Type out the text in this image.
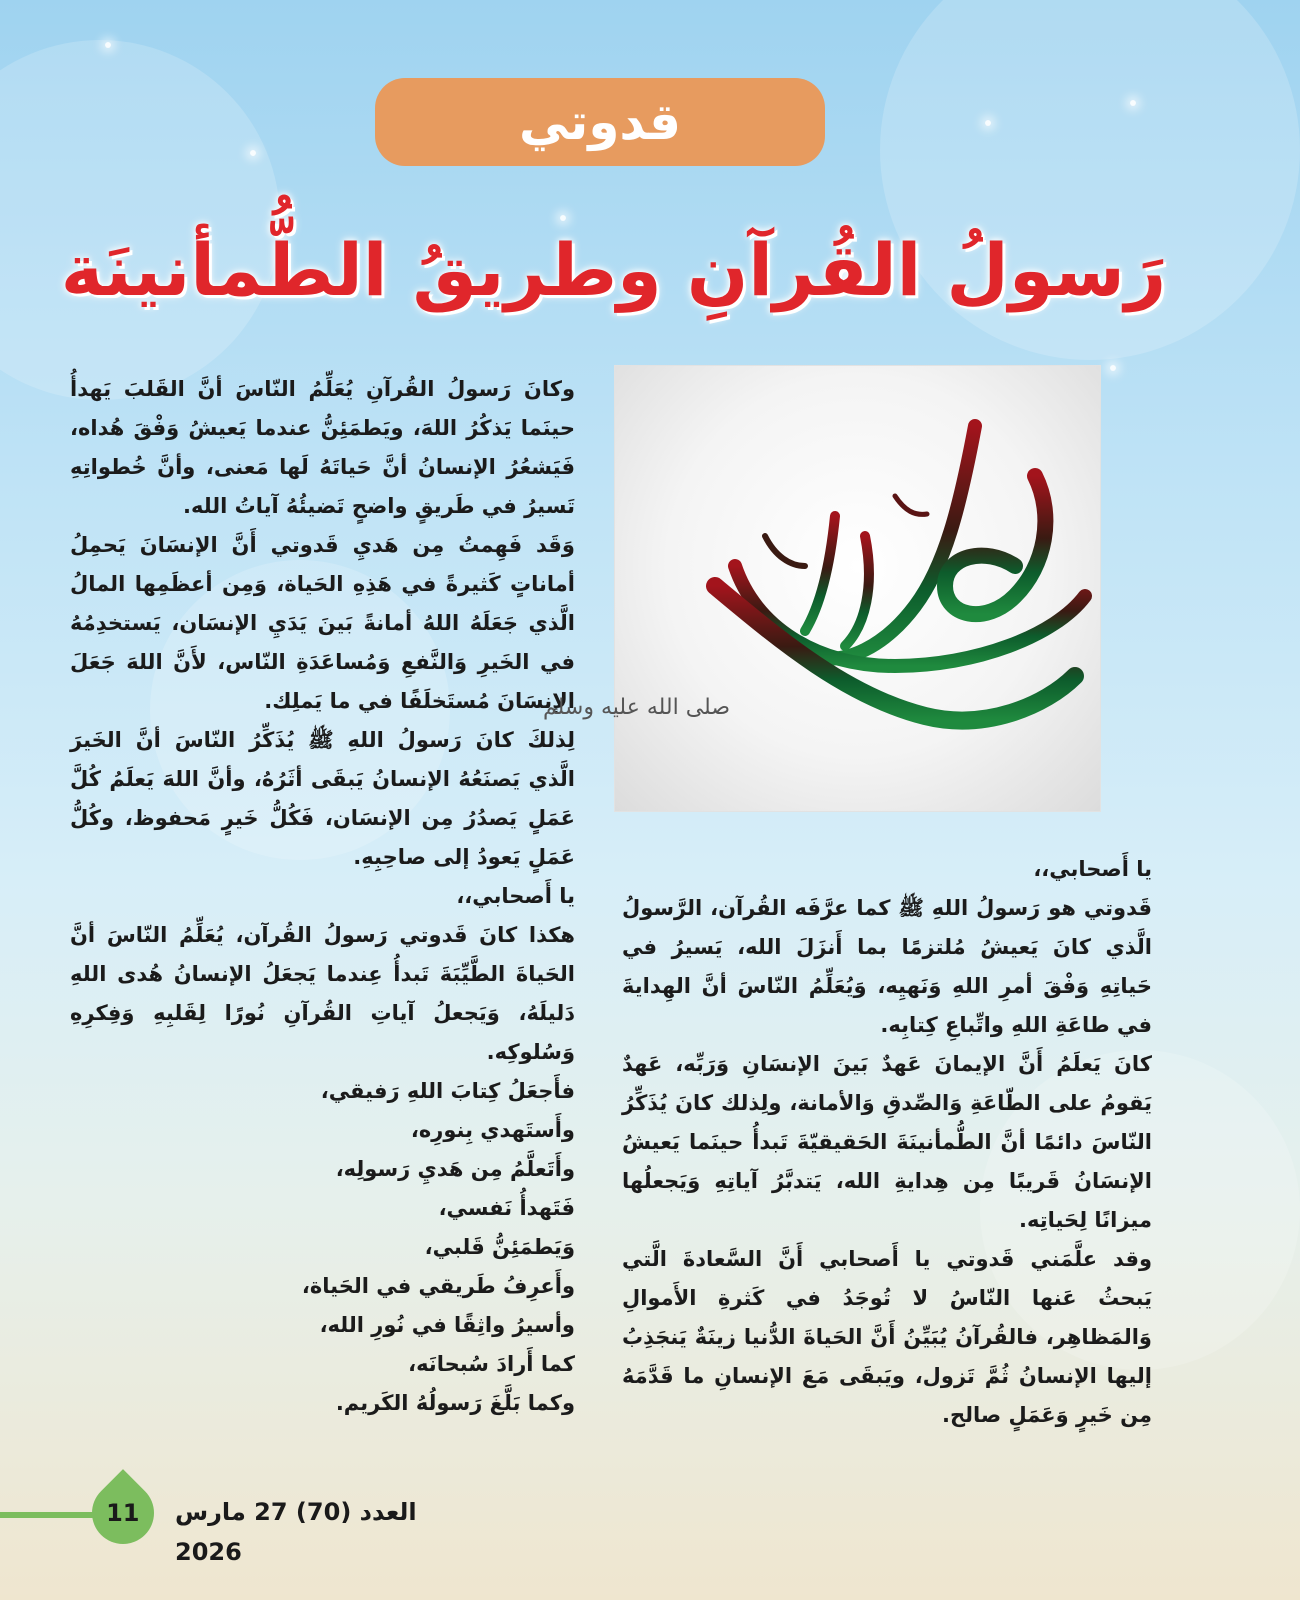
قدوتي
رَسولُ القُرآنِ وطريقُ الطُّمأنينَة

وكانَ رَسولُ القُرآنِ يُعَلِّمُ النّاسَ أنَّ القَلبَ يَهدأُ حينَما يَذكُرُ اللهَ، ويَطمَئِنُّ عندما يَعيشُ وَفْقَ هُداه، فَيَشعُرُ الإنسانُ أنَّ حَياتَهُ لَها مَعنى، وأنَّ خُطواتِهِ تَسيرُ في طَريقٍ واضحٍ تَضيئُهُ آياتُ الله.

وَقَد فَهِمتُ مِن هَديِ قَدوتي أَنَّ الإنسَانَ يَحمِلُ أماناتٍ كَثيرةً في هَذِهِ الحَياة، وَمِن أعظَمِها المالُ الَّذي جَعَلَهُ اللهُ أمانةً بَينَ يَدَيِ الإنسَان، يَستخدِمُهُ في الخَيرِ وَالنَّفعِ وَمُساعَدَةِ النّاس، لأَنَّ اللهَ جَعَلَ الإنسَانَ مُستَخلَفًا في ما يَملِك.

لِذلكَ كانَ رَسولُ اللهِ ﷺ يُذَكِّرُ النّاسَ أنَّ الخَيرَ الَّذي يَصنَعُهُ الإنسانُ يَبقَى أثَرُهُ، وأنَّ اللهَ يَعلَمُ كُلَّ عَمَلٍ يَصدُرُ مِن الإنسَان، فَكُلُّ خَيرٍ مَحفوظ، وكُلُّ عَمَلٍ يَعودُ إلى صاحِبِهِ.

يا أَصحابي،،

هكذا كانَ قَدوتي رَسولُ القُرآن، يُعَلِّمُ النّاسَ أنَّ الحَياةَ الطَّيِّبَةَ تَبدأُ عِندما يَجعَلُ الإنسانُ هُدى اللهِ دَليلَهُ، وَيَجعلُ آياتِ القُرآنِ نُورًا لِقَلبِهِ وَفِكرِهِ وَسُلوكِه.

فأَجعَلُ كِتابَ اللهِ رَفيقي،
وأَستَهدي بِنورِه،
وأَتَعلَّمُ مِن هَديِ رَسولِه،
فَتَهدأُ نَفسي،
وَيَطمَئِنُّ قَلبي،
وأَعرِفُ طَريقي في الحَياة،
وأسيرُ واثِقًا في نُورِ الله،
كما أَرادَ سُبحانَه،
وكما بَلَّغَ رَسولُهُ الكَريم.
صلى الله عليه وسلم

يا أَصحابي،،

قَدوتي هو رَسولُ اللهِ ﷺ كما عرَّفَه القُرآن، الرَّسولُ الَّذي كانَ يَعيشُ مُلتزمًا بما أَنزَلَ الله، يَسيرُ في حَياتِهِ وَفْقَ أمرِ اللهِ وَنَهيِه، وَيُعَلِّمُ النّاسَ أنَّ الهِدايةَ في طاعَةِ اللهِ واتِّباعِ كِتابِه.

كانَ يَعلَمُ أَنَّ الإيمانَ عَهدٌ بَينَ الإنسَانِ وَرَبِّه، عَهدٌ يَقومُ على الطّاعَةِ وَالصِّدقِ وَالأمانة، ولِذلك كانَ يُذَكِّرُ النّاسَ دائمًا أنَّ الطُّمأنينَةَ الحَقيقيّةَ تَبدأُ حينَما يَعيشُ الإنسَانُ قَريبًا مِن هِدايةِ الله، يَتدبَّرُ آياتِهِ وَيَجعلُها ميزانًا لِحَياتِه.

وقد علَّمَني قَدوتي يا أَصحابي أَنَّ السَّعادةَ الَّتي يَبحثُ عَنها النّاسُ لا تُوجَدُ في كَثرةِ الأَموالِ وَالمَظاهِر، فالقُرآنُ يُبَيِّنُ أَنَّ الحَياةَ الدُّنيا زينَةٌ يَنجَذِبُ إليها الإنسانُ ثُمَّ تَزول، ويَبقَى مَعَ الإنسانِ ما قَدَّمَهُ مِن خَيرٍ وَعَمَلٍ صالح.

11 العدد (70) 27 مارس 2026
